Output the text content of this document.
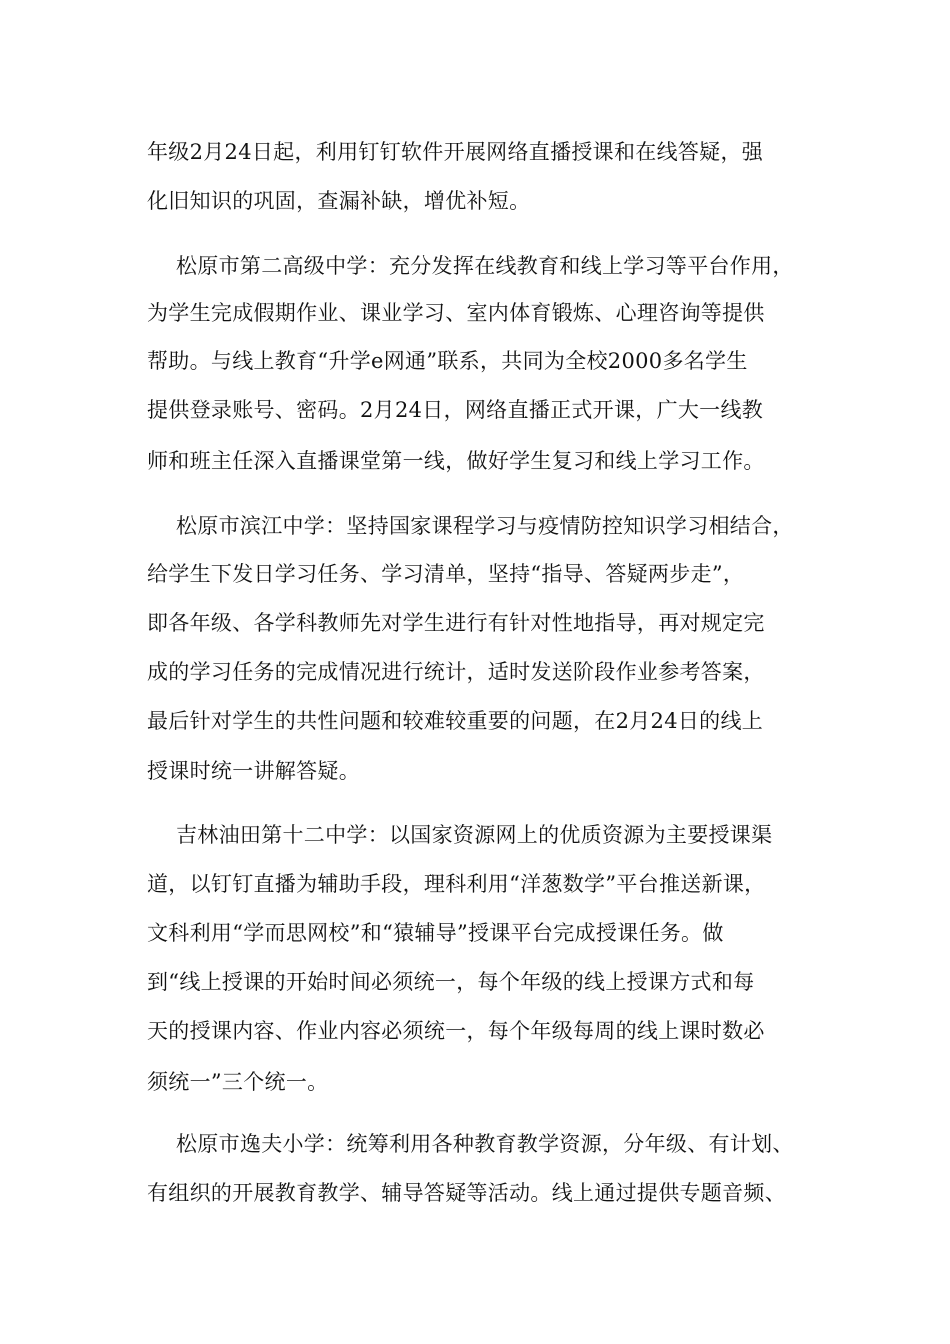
年级2月24日起，利用钉钉软件开展网络直播授课和在线答疑，强
化旧知识的巩固，查漏补缺，增优补短。
松原市第二高级中学：充分发挥在线教育和线上学习等平台作用，
为学生完成假期作业、课业学习、室内体育锻炼、心理咨询等提供
帮助。与线上教育“升学e网通”联系，共同为全校2000多名学生
提供登录账号、密码。2月24日，网络直播正式开课，广大一线教
师和班主任深入直播课堂第一线，做好学生复习和线上学习工作。
松原市滨江中学：坚持国家课程学习与疫情防控知识学习相结合，
给学生下发日学习任务、学习清单，坚持“指导、答疑两步走”，
即各年级、各学科教师先对学生进行有针对性地指导，再对规定完
成的学习任务的完成情况进行统计，适时发送阶段作业参考答案，
最后针对学生的共性问题和较难较重要的问题，在2月24日的线上
授课时统一讲解答疑。
吉林油田第十二中学：以国家资源网上的优质资源为主要授课渠
道，以钉钉直播为辅助手段，理科利用“洋葱数学”平台推送新课，
文科利用“学而思网校”和“猿辅导”授课平台完成授课任务。做
到“线上授课的开始时间必须统一，每个年级的线上授课方式和每
天的授课内容、作业内容必须统一，每个年级每周的线上课时数必
须统一”三个统一。
松原市逸夫小学：统筹利用各种教育教学资源，分年级、有计划、
有组织的开展教育教学、辅导答疑等活动。线上通过提供专题音频、
